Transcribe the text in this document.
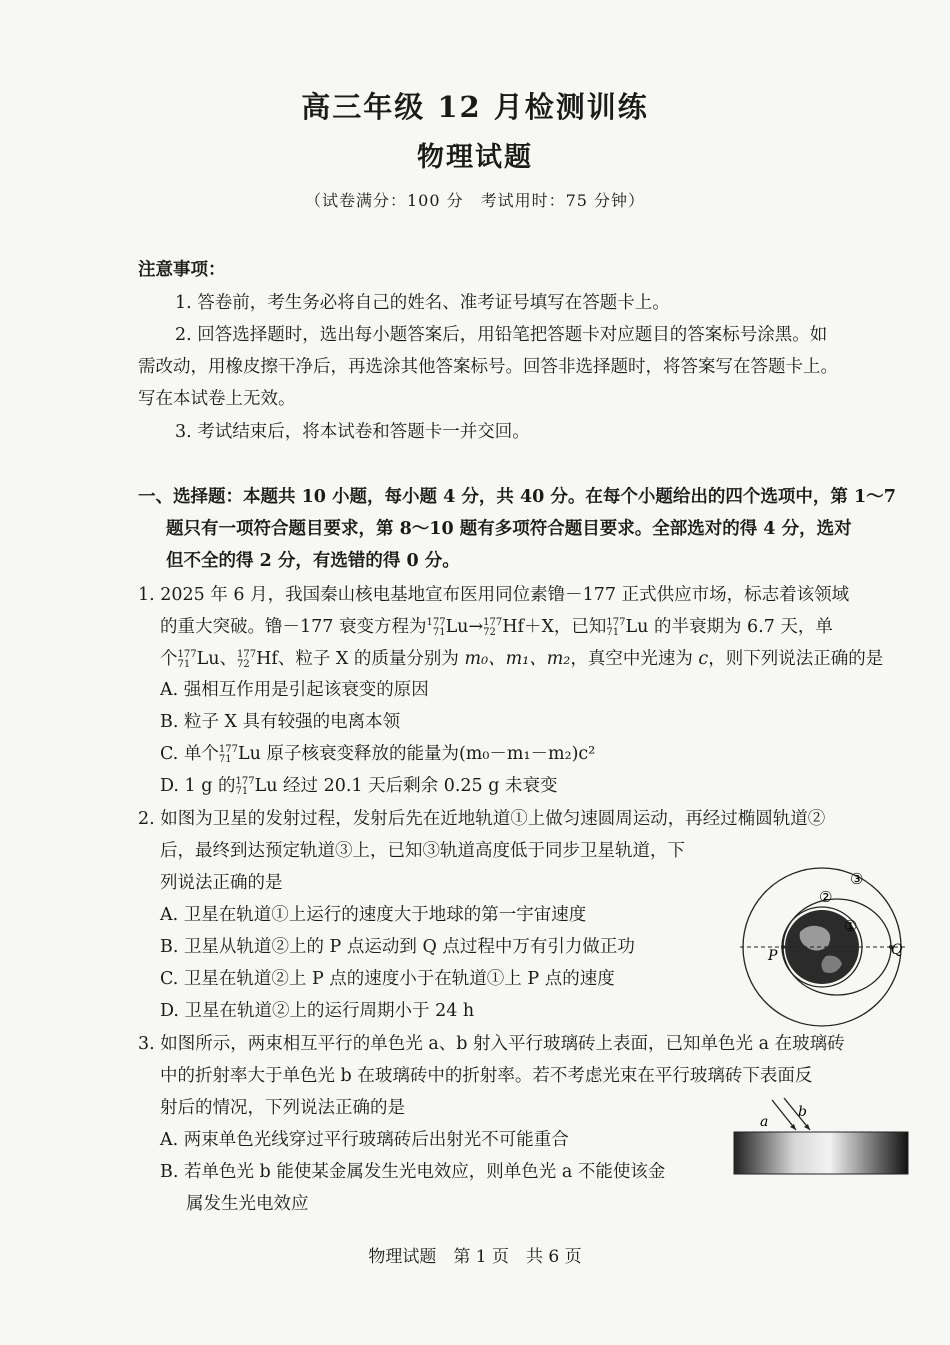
高三年级 12 月检测训练
物理试题
（试卷满分：100 分　考试用时：75 分钟）
注意事项：
1. 答卷前，考生务必将自己的姓名、准考证号填写在答题卡上。
2. 回答选择题时，选出每小题答案后，用铅笔把答题卡对应题目的答案标号涂黑。如
需改动，用橡皮擦干净后，再选涂其他答案标号。回答非选择题时，将答案写在答题卡上。
写在本试卷上无效。
3. 考试结束后，将本试卷和答题卡一并交回。
一、选择题：本题共 10 小题，每小题 4 分，共 40 分。在每个小题给出的四个选项中，第 1～7
题只有一项符合题目要求，第 8～10 题有多项符合题目要求。全部选对的得 4 分，选对
但不全的得 2 分，有选错的得 0 分。
1. 2025 年 6 月，我国秦山核电基地宣布医用同位素镥－177 正式供应市场，标志着该领域
的重大突破。镥－177 衰变方程为 177
71 Lu→ 177
72 Hf＋X，已知 177
71 Lu 的半衰期为 6.7 天，单
个 177
71 Lu、 177
72 Hf、粒子 X 的质量分别为 m₀、m₁、m₂，真空中光速为 c，则下列说法正确的是
A. 强相互作用是引起该衰变的原因
B. 粒子 X 具有较强的电离本领
C. 单个 177
71 Lu 原子核衰变释放的能量为(m₀－m₁－m₂)c²
D. 1 g 的 177
71 Lu 经过 20.1 天后剩余 0.25 g 未衰变
2. 如图为卫星的发射过程，发射后先在近地轨道①上做匀速圆周运动，再经过椭圆轨道②
后，最终到达预定轨道③上，已知③轨道高度低于同步卫星轨道，下
列说法正确的是
A. 卫星在轨道①上运行的速度大于地球的第一宇宙速度
B. 卫星从轨道②上的 P 点运动到 Q 点过程中万有引力做正功
C. 卫星在轨道②上 P 点的速度小于在轨道①上 P 点的速度
D. 卫星在轨道②上的运行周期小于 24 h
P	Q
①
②
③
3. 如图所示，两束相互平行的单色光 a、b 射入平行玻璃砖上表面，已知单色光 a 在玻璃砖
中的折射率大于单色光 b 在玻璃砖中的折射率。若不考虑光束在平行玻璃砖下表面反
射后的情况，下列说法正确的是
A. 两束单色光线穿过平行玻璃砖后出射光不可能重合
B. 若单色光 b 能使某金属发生光电效应，则单色光 a 不能使该金
属发生光电效应
a
b
物理试题　第 1 页　共 6 页
